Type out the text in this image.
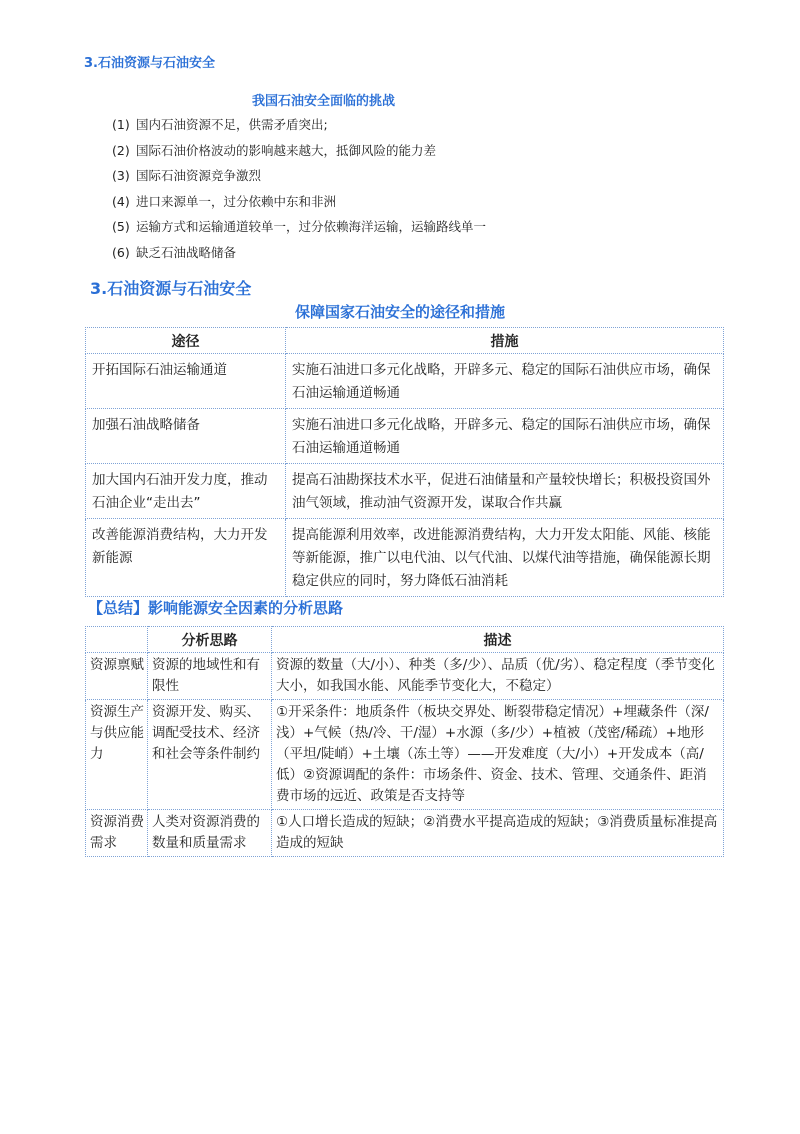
3.石油资源与石油安全
我国石油安全面临的挑战
(1) 国内石油资源不足，供需矛盾突出;
(2) 国际石油价格波动的影响越来越大，抵御风险的能力差
(3) 国际石油资源竞争激烈
(4) 进口来源单一，过分依赖中东和非洲
(5) 运输方式和运输通道较单一，过分依赖海洋运输，运输路线单一
(6) 缺乏石油战略储备
3.石油资源与石油安全
保障国家石油安全的途径和措施
途径	措施
开拓国际石油运输通道	实施石油进口多元化战略，开辟多元、稳定的国际石油供应市场，确保石油运输通道畅通
加强石油战略储备	实施石油进口多元化战略，开辟多元、稳定的国际石油供应市场，确保石油运输通道畅通
加大国内石油开发力度，推动石油企业“走出去”	提高石油勘探技术水平，促进石油储量和产量较快增长；积极投资国外油气领域，推动油气资源开发，谋取合作共赢
改善能源消费结构，大力开发新能源	提高能源利用效率，改进能源消费结构，大力开发太阳能、风能、核能等新能源，推广以电代油、以气代油、以煤代油等措施，确保能源长期稳定供应的同时，努力降低石油消耗
【总结】影响能源安全因素的分析思路
	分析思路	描述
资源禀赋	资源的地域性和有限性	资源的数量（大/小）、种类（多/少）、品质（优/劣）、稳定程度（季节变化大小，如我国水能、风能季节变化大，不稳定）
资源生产与供应能力	资源开发、购买、调配受技术、经济和社会等条件制约	①开采条件：地质条件（板块交界处、断裂带稳定情况）+埋藏条件（深/浅）+气候（热/冷、干/湿）+水源（多/少）+植被（茂密/稀疏）+地形（平坦/陡峭）+土壤（冻土等）——开发难度（大/小）+开发成本（高/低）②资源调配的条件：市场条件、资金、技术、管理、交通条件、距消费市场的远近、政策是否支持等
资源消费需求	人类对资源消费的数量和质量需求	①人口增长造成的短缺；②消费水平提高造成的短缺；③消费质量标准提高造成的短缺
